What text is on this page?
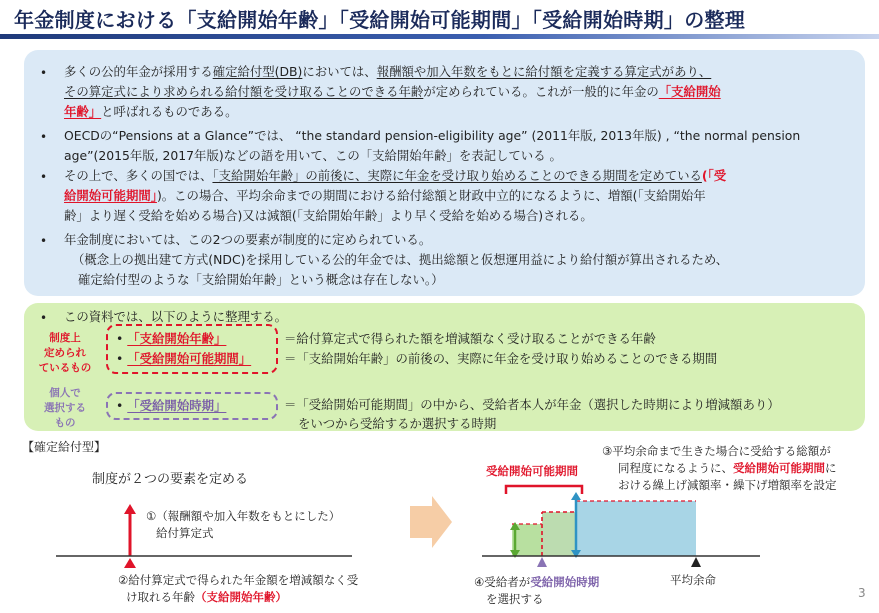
年金制度における「支給開始年齢」「受給開始可能期間」「受給開始時期」の整理
• 多くの公的年金が採用する確定給付型(DB)においては、報酬額や加入年数をもとに給付額を定義する算定式があり、
その算定式により求められる給付額を受け取ることのできる年齢が定められている。これが一般的に年金の「支給開始
年齢」と呼ばれるものである。
• OECDの“Pensions at a Glance”では、 “the standard pension-eligibility age” (2011年版, 2013年版) , “the normal pension
age”(2015年版, 2017年版)などの語を用いて、この「支給開始年齢」を表記している 。
• その上で、多くの国では、「支給開始年齢」の前後に、実際に年金を受け取り始めることのできる期間を定めている(「受
給開始可能期間」)。この場合、平均余命までの期間における給付総額と財政中立的になるように、増額(「支給開始年
齢」より遅く受給を始める場合)又は減額(「支給開始年齢」より早く受給を始める場合)される。
• 年金制度においては、この2つの要素が制度的に定められている。
（概念上の拠出建て方式(NDC)を採用している公的年金では、拠出総額と仮想運用益により給付額が算出されるため、
確定給付型のような「支給開始年齢」という概念は存在しない。）
• この資料では、以下のように整理する。
制度上
定められ
ているもの
個人で
選択する
もの
• 「支給開始年齢」
• 「受給開始可能期間」
• 「受給開始時期」
＝給付算定式で得られた額を増減額なく受け取ることができる年齢
＝「支給開始年齢」の前後の、実際に年金を受け取り始めることのできる期間
＝「受給開始可能期間」の中から、受給者本人が年金（選択した時期により増減額あり）
をいつから受給するか選択する時期
【確定給付型】
制度が２つの要素を定める
①（報酬額や加入年数をもとにした）
給付算定式
②給付算定式で得られた年金額を増減額なく受
け取れる年齢（支給開始年齢）
③平均余命まで生きた場合に受給する総額が
同程度になるように、受給開始可能期間に
おける繰上げ減額率・繰下げ増額率を設定
受給開始可能期間
④受給者が受給開始時期
を選択する
平均余命
3
